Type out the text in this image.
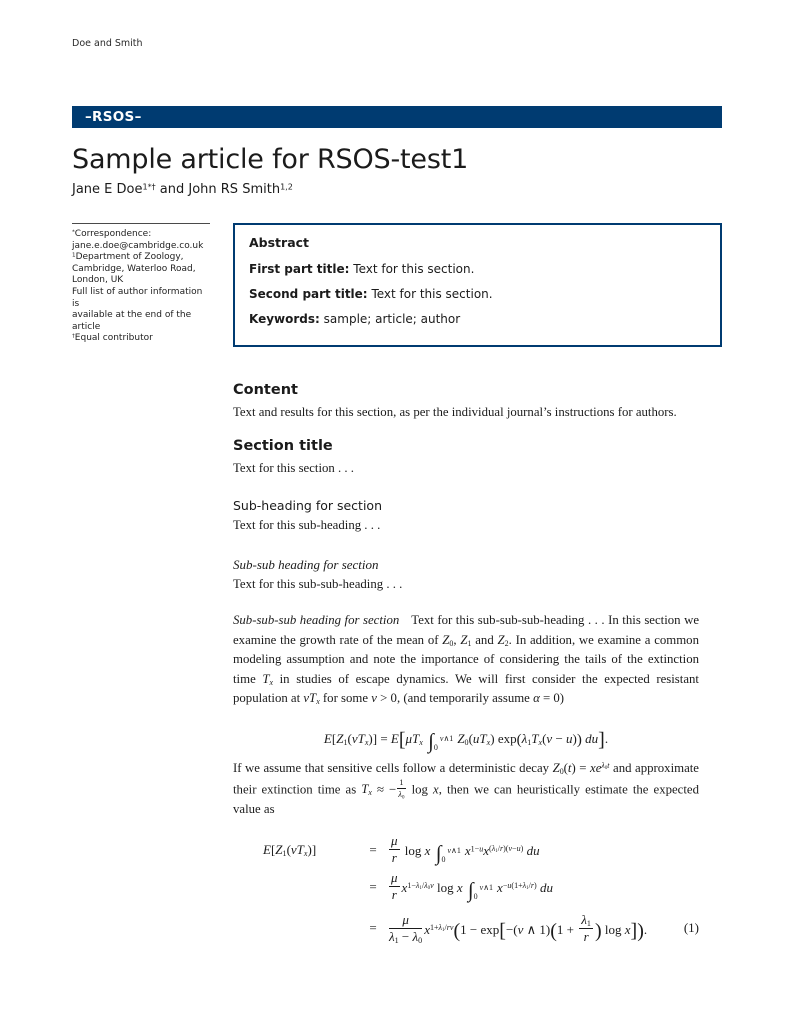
Doe and Smith
–RSOS–
Sample article for RSOS-test1
Jane E Doe$^{1*\dagger}$ and John RS Smith$^{1,2}$
*Correspondence:
jane.e.doe@cambridge.co.uk
$^1$Department of Zoology,
Cambridge, Waterloo Road,
London, UK
Full list of author information is
available at the end of the article
†Equal contributor
Abstract
First part title: Text for this section.
Second part title: Text for this section.
Keywords: sample; article; author
Content

Text and results for this section, as per the individual journal’s instructions for authors.

Section title

Text for this section . . .

Sub-heading for section

Text for this sub-heading . . .

Sub-sub heading for section

Text for this sub-sub-heading . . .

Sub-sub-sub heading for section Text for this sub-sub-sub-heading . . . In this section we examine the growth rate of the mean of $Z_0$, $Z_1$ and $Z_2$. In addition, we examine a common modeling assumption and note the importance of considering the tails of the extinction time $T_x$ in studies of escape dynamics. We will first consider the expected resistant population at $vT_x$ for some v > 0, (and temporarily assume α = 0)

$E[Z_1(vT_x)] = E[\mu T_x$ ∫ v∧1
0
$Z_0(uT_x) \exp(\lambda_1T_x(v - u))$ du].

If we assume that sensitive cells follow a deterministic decay $Z_0(t) = xe^{\lambda_0t}$ and approximate their extinction time as $T_x$ ≈ − $\frac{1}{\lambda_0}$ log x, then we can heuristically estimate the expected value as

$E[Z_1(vT_x)]$	= $\frac{\mu}{r}$ log x ∫ v∧1
0
$x^{1-u}x^{(\lambda_1/r)(v-u)}$ du
= $\frac{\mu}{r} x^{1-\lambda_1/\lambda_0v}$ log x ∫ v∧1
0
$x^{-u(1+\lambda_1/r)}$ du
= $\frac{\mu}{\lambda_1 - \lambda_0} x^{1+\lambda_1/rv}(1 - \exp[-(v$ ∧ $1)(1 + \frac{\lambda_1}{r}$ ) log x]).	(1)
